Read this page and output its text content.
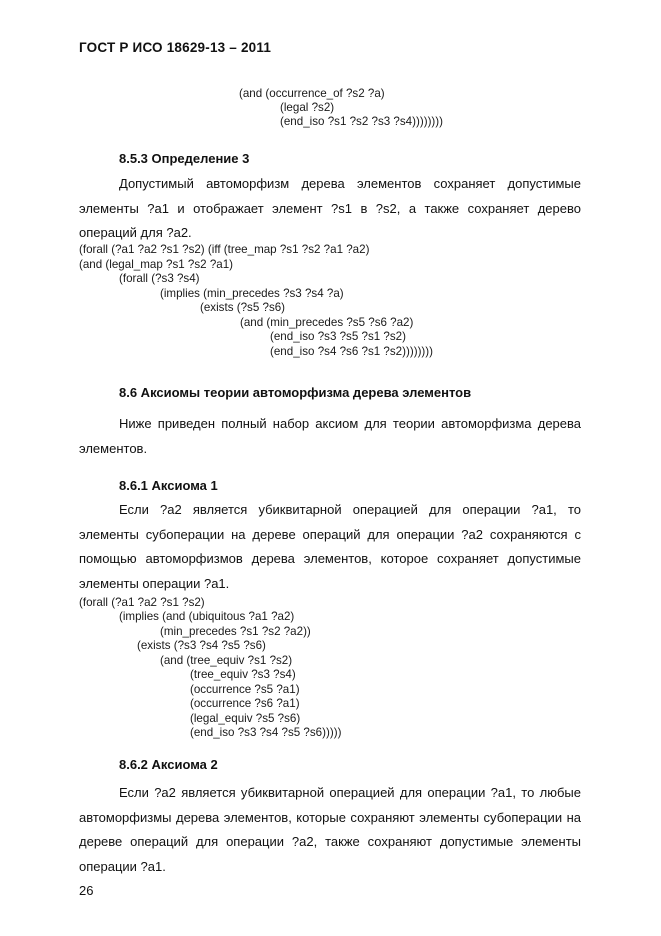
ГОСТ Р ИСО 18629-13 – 2011
(and (occurrence_of ?s2 ?a)
(legal ?s2)
(end_iso ?s1 ?s2 ?s3 ?s4))))))))
8.5.3 Определение 3
Допустимый автоморфизм дерева элементов сохраняет допустимые элементы ?a1 и отображает элемент ?s1 в ?s2, а также сохраняет дерево операций для ?a2.
(forall (?a1 ?a2 ?s1 ?s2) (iff (tree_map ?s1 ?s2 ?a1 ?a2)
(and (legal_map ?s1 ?s2 ?a1)
(forall (?s3 ?s4)
(implies (min_precedes ?s3 ?s4 ?a)
(exists (?s5 ?s6)
(and (min_precedes ?s5 ?s6 ?a2)
(end_iso ?s3 ?s5 ?s1 ?s2)
(end_iso ?s4 ?s6 ?s1 ?s2))))))))
8.6 Аксиомы теории автоморфизма дерева элементов
Ниже приведен полный набор аксиом для теории автоморфизма дерева элементов.
8.6.1 Аксиома 1
Если ?a2 является убиквитарной операцией для операции ?a1, то элементы субоперации на дереве операций для операции ?a2 сохраняются с помощью автоморфизмов дерева элементов, которое сохраняет допустимые элементы операции ?a1.
(forall (?a1 ?a2 ?s1 ?s2)
(implies (and (ubiquitous ?a1 ?a2)
(min_precedes ?s1 ?s2 ?a2))
(exists (?s3 ?s4 ?s5 ?s6)
(and (tree_equiv ?s1 ?s2)
(tree_equiv ?s3 ?s4)
(occurrence ?s5 ?a1)
(occurrence ?s6 ?a1)
(legal_equiv ?s5 ?s6)
(end_iso ?s3 ?s4 ?s5 ?s6)))))
8.6.2 Аксиома 2
Если ?a2 является убиквитарной операцией для операции ?a1, то любые автоморфизмы дерева элементов, которые сохраняют элементы субоперации на дереве операций для операции ?a2, также сохраняют допустимые элементы операции ?a1.
26
